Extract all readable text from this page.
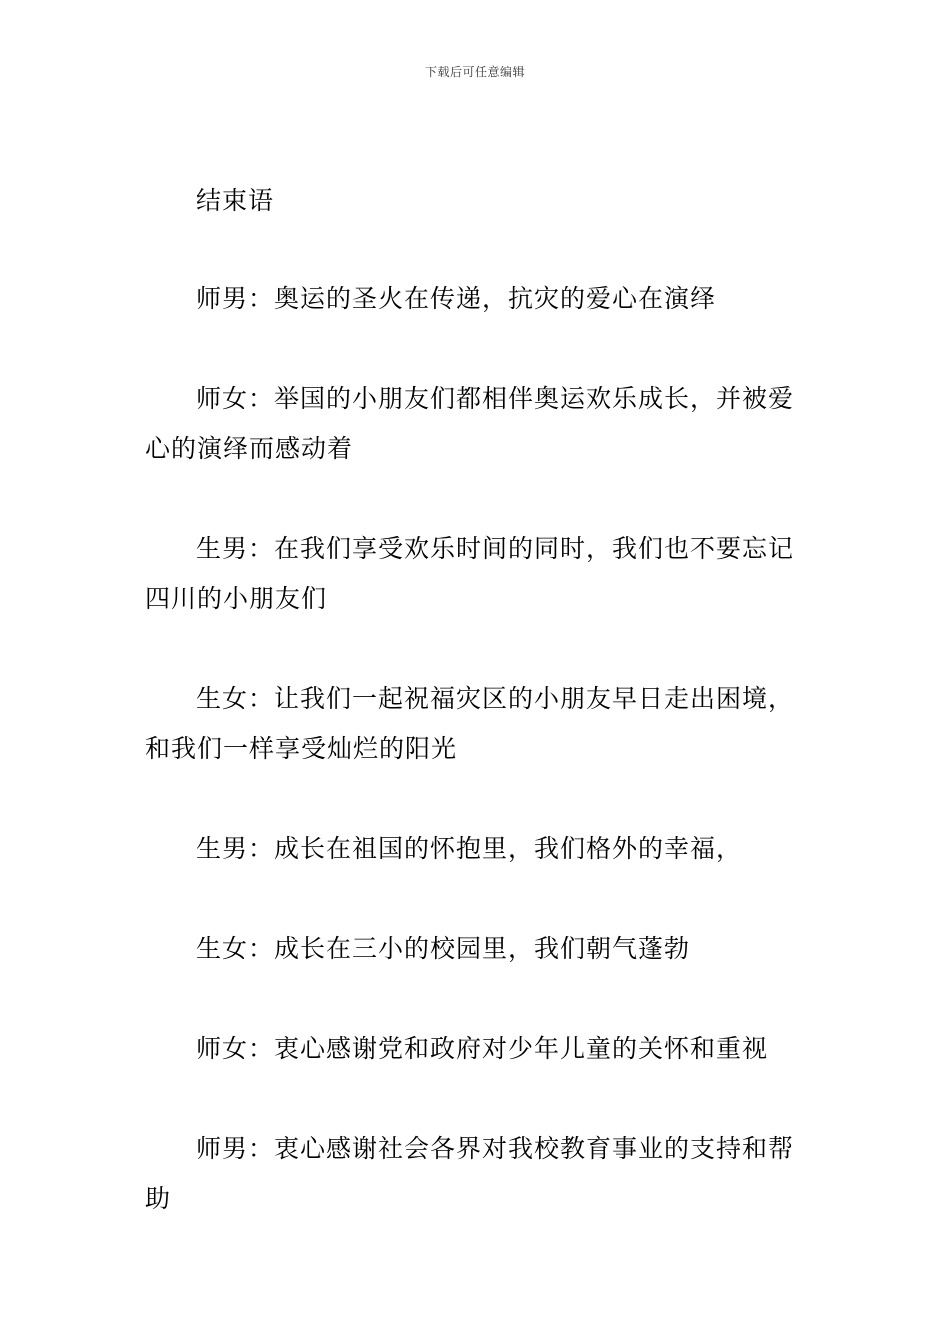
下载后可任意编辑

结束语

师男：奥运的圣火在传递，抗灾的爱心在演绎

师女：举国的小朋友们都相伴奥运欢乐成长，并被爱心的演绎而感动着

生男：在我们享受欢乐时间的同时，我们也不要忘记四川的小朋友们

生女：让我们一起祝福灾区的小朋友早日走出困境，和我们一样享受灿烂的阳光

生男：成长在祖国的怀抱里，我们格外的幸福，

生女：成长在三小的校园里，我们朝气蓬勃

师女：衷心感谢党和政府对少年儿童的关怀和重视

师男：衷心感谢社会各界对我校教育事业的支持和帮助
